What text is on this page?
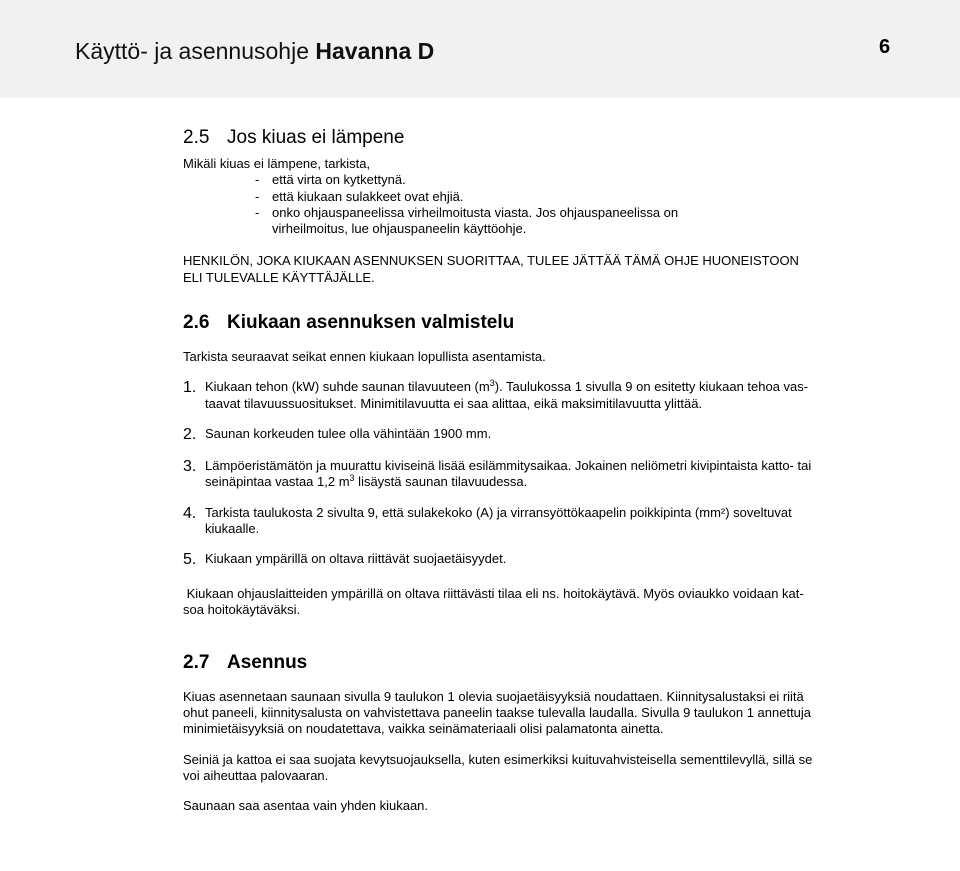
Käyttö- ja asennusohje Havanna D	6
2.5 Jos kiuas ei lämpene

Mikäli kiuas ei lämpene, tarkista,

- että virta on kytkettynä.

- että kiukaan sulakkeet ovat ehjiä.

- onko ohjauspaneelissa virheilmoitusta viasta. Jos ohjauspaneelissa on

virheilmoitus, lue ohjauspaneelin käyttöohje.

HENKILÖN, JOKA KIUKAAN ASENNUKSEN SUORITTAA, TULEE JÄTTÄÄ TÄMÄ OHJE HUONEISTOON

ELI TULEVALLE KÄYTTÄJÄLLE.

2.6 Kiukaan asennuksen valmistelu

Tarkista seuraavat seikat ennen kiukaan lopullista asentamista.

1. Kiukaan tehon (kW) suhde saunan tilavuuteen $(m^3)$. Taulukossa 1 sivulla 9 on esitetty kiukaan tehoa vas-

taavat tilavuussuositukset. Minimitilavuutta ei saa alittaa, eikä maksimitilavuutta ylittää.

2. Saunan korkeuden tulee olla vähintään 1900 mm.

3. Lämpöeristämätön ja muurattu kiviseinä lisää esilämmitysaikaa. Jokainen neliömetri kivipintaista katto- tai

seinäpintaa vastaa 1,2 $m^3$ lisäystä saunan tilavuudessa.

4. Tarkista taulukosta 2 sivulta 9, että sulakekoko (A) ja virransyöttökaapelin poikkipinta (mm²) soveltuvat

kiukaalle.

5. Kiukaan ympärillä on oltava riittävät suojaetäisyydet.

Kiukaan ohjauslaitteiden ympärillä on oltava riittävästi tilaa eli ns. hoitokäytävä. Myös oviaukko voidaan kat-

soa hoitokäytäväksi.

2.7 Asennus

Kiuas asennetaan saunaan sivulla 9 taulukon 1 olevia suojaetäisyyksiä noudattaen. Kiinnitysalustaksi ei riitä

ohut paneeli, kiinnitysalusta on vahvistettava paneelin taakse tulevalla laudalla. Sivulla 9 taulukon 1 annettuja

minimietäisyyksiä on noudatettava, vaikka seinämateriaali olisi palamatonta ainetta.

Seiniä ja kattoa ei saa suojata kevytsuojauksella, kuten esimerkiksi kuituvahvisteisella sementtilevyllä, sillä se

voi aiheuttaa palovaaran.

Saunaan saa asentaa vain yhden kiukaan.
